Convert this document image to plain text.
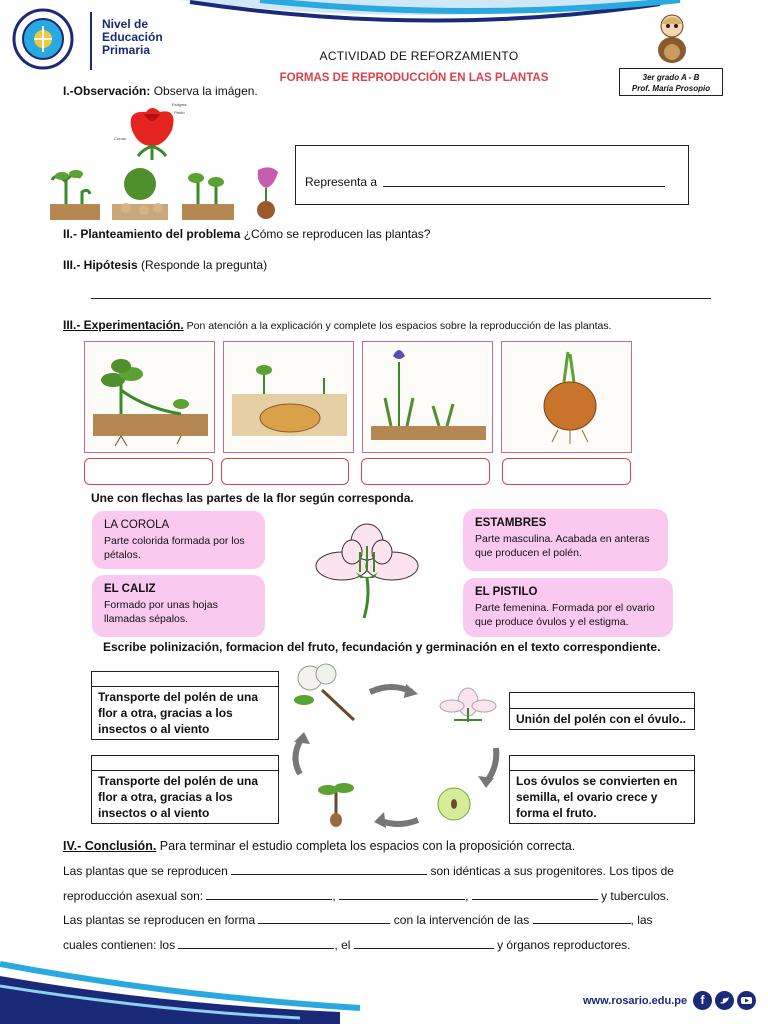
Nivel de
Educación
Primaria	ACTIVIDAD DE REFORZAMIENTO
FORMAS DE REPRODUCCIÓN EN LAS PLANTAS	3er grado A - B
Prof. María Prosopio
I.-Observación: Observa la imágen.
Estigma
Pistilo
Corola
Representa a
II.- Planteamiento del problema ¿Cómo se reproducen las plantas?
III.- Hipótesis (Responde la pregunta)
III.- Experimentación. Pon atención a la explicación y complete los espacios sobre la reproducción de las plantas.
Une con flechas las partes de la flor según corresponda.
LA COROLA
Parte colorida formada por los pétalos.
EL CALIZ
Formado por unas hojas llamadas sépalos.
ESTAMBRES
Parte masculina. Acabada en anteras que producen el polén.
EL PISTILO
Parte femenina. Formada por el ovario que produce óvulos y el estigma.
Escribe polinización, formacion del fruto, fecundación y germinación en el texto correspondiente.
Transporte del polén de una flor a otra, gracias a los insectos o al viento
Transporte del polén de una flor a otra, gracias a los insectos o al viento
Unión del polén con el óvulo..
Los óvulos se convierten en semilla, el ovario crece y forma el fruto.
IV.- Conclusión. Para terminar el estudio completa los espacios con la proposición correcta.
Las plantas que se reproducen	son idénticas a sus progenitores. Los tipos de
reproducción asexual son:	,	,	y tuberculos.
Las plantas se reproducen en forma	con la intervención de las	, las
cuales contienen: los	, el	y órganos reproductores.
www.rosario.edu.pe	f
